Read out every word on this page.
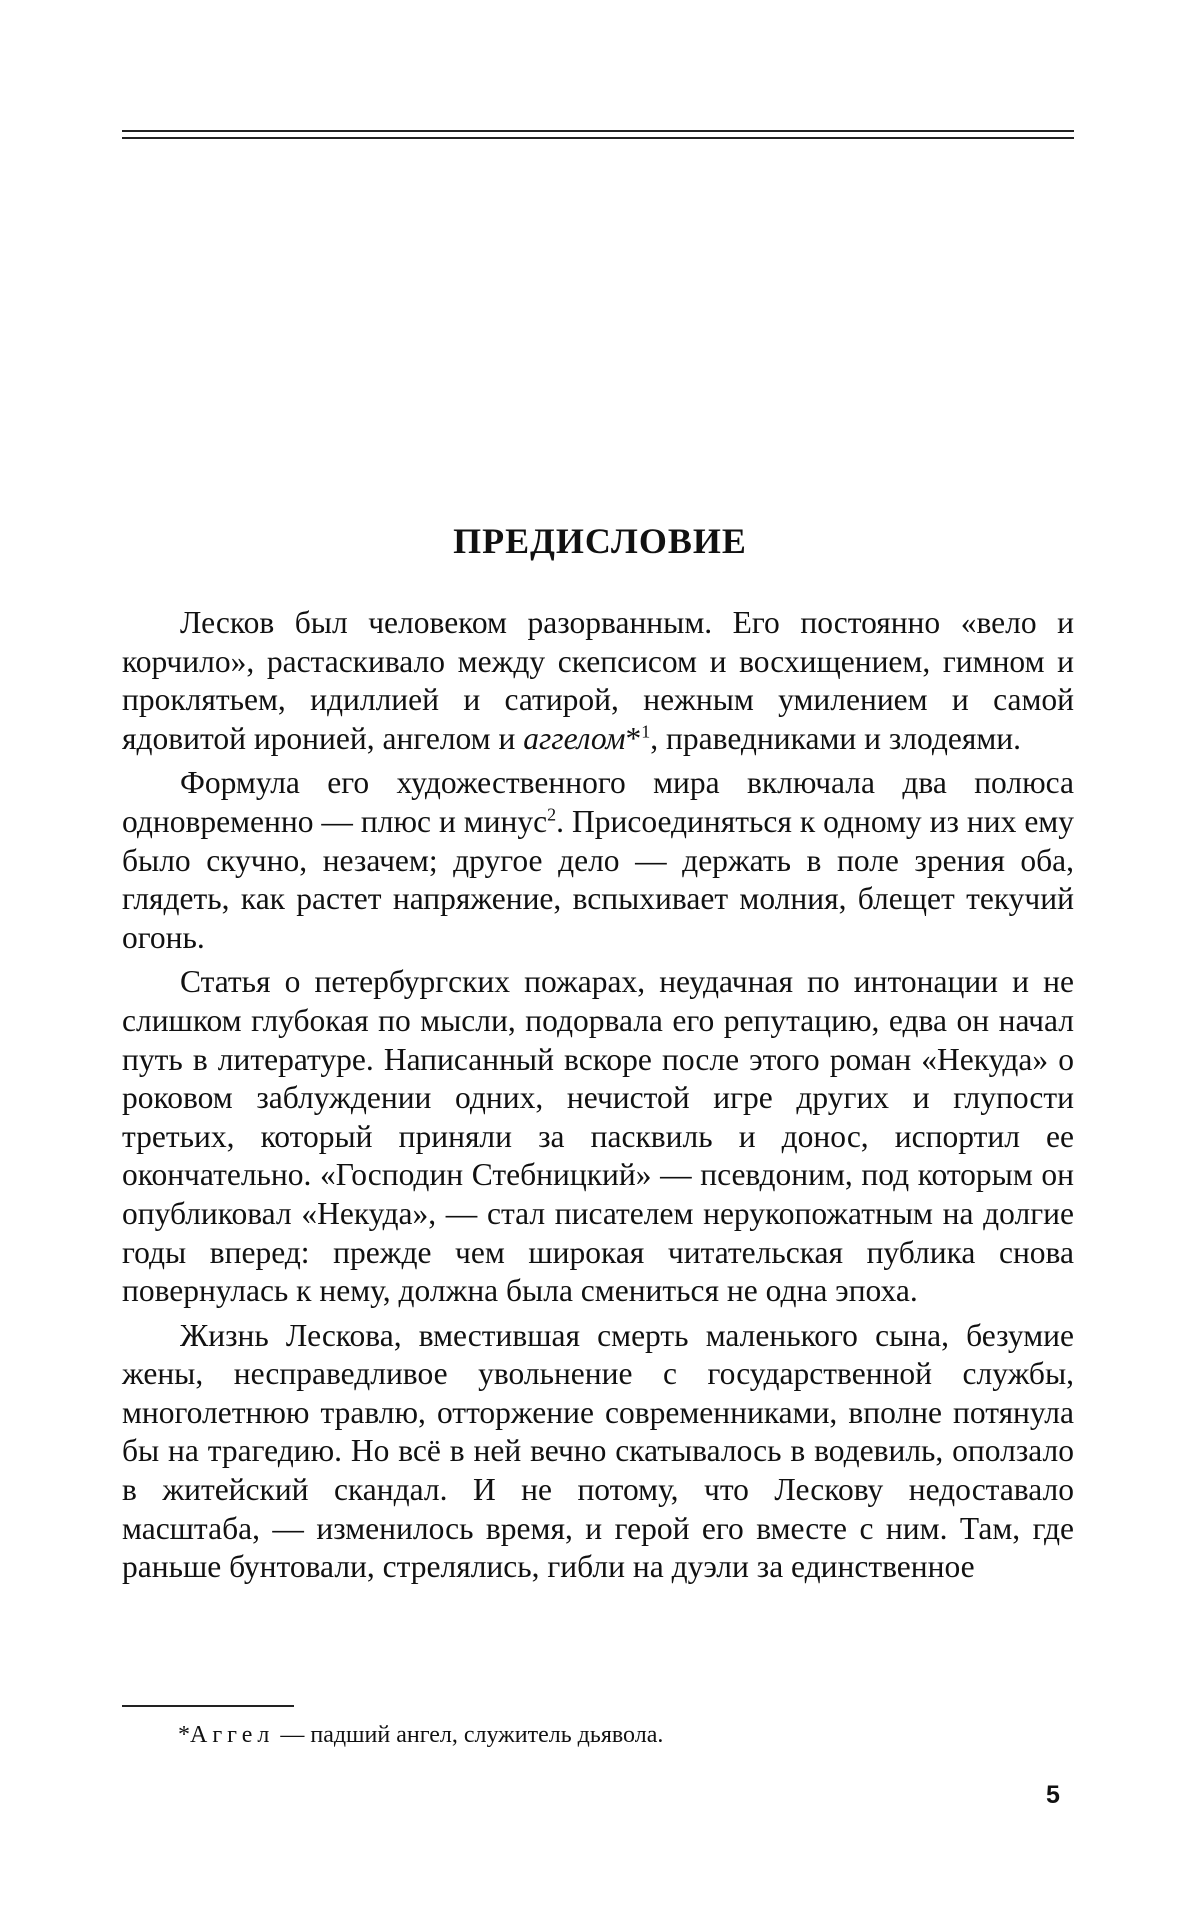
ПРЕДИСЛОВИЕ

Лесков был человеком разорванным. Его постоянно «вело и корчило», растаскивало между скепсисом и восхищением, гимном и проклятьем, идиллией и сатирой, нежным умилением и самой ядовитой иронией, ангелом и аггелом*1, праведниками и злодеями.

Формула его художественного мира включала два полюса одновременно — плюс и минус2. Присоединяться к одному из них ему было скучно, незачем; другое дело — держать в поле зрения оба, глядеть, как растет напряжение, вспыхивает молния, блещет текучий огонь.

Статья о петербургских пожарах, неудачная по интонации и не слишком глубокая по мысли, подорвала его репутацию, едва он начал путь в литературе. Написанный вскоре после этого роман «Некуда» о роковом заблуждении одних, нечистой игре других и глупости третьих, который приняли за пасквиль и донос, испортил ее окончательно. «Господин Стебницкий» — псевдоним, под которым он опубликовал «Некуда», — стал писателем нерукопожатным на долгие годы вперед: прежде чем широкая читательская публика снова повернулась к нему, должна была смениться не одна эпоха.

Жизнь Лескова, вместившая смерть маленького сына, безумие жены, несправедливое увольнение с государственной службы, многолетнюю травлю, отторжение современниками, вполне потянула бы на трагедию. Но всё в ней вечно скатывалось в водевиль, оползало в житейский скандал. И не потому, что Лескову недоставало масштаба, — изменилось время, и герой его вместе с ним. Там, где раньше бунтовали, стрелялись, гибли на дуэли за единственное

*Аггел — падший ангел, служитель дьявола.

5
